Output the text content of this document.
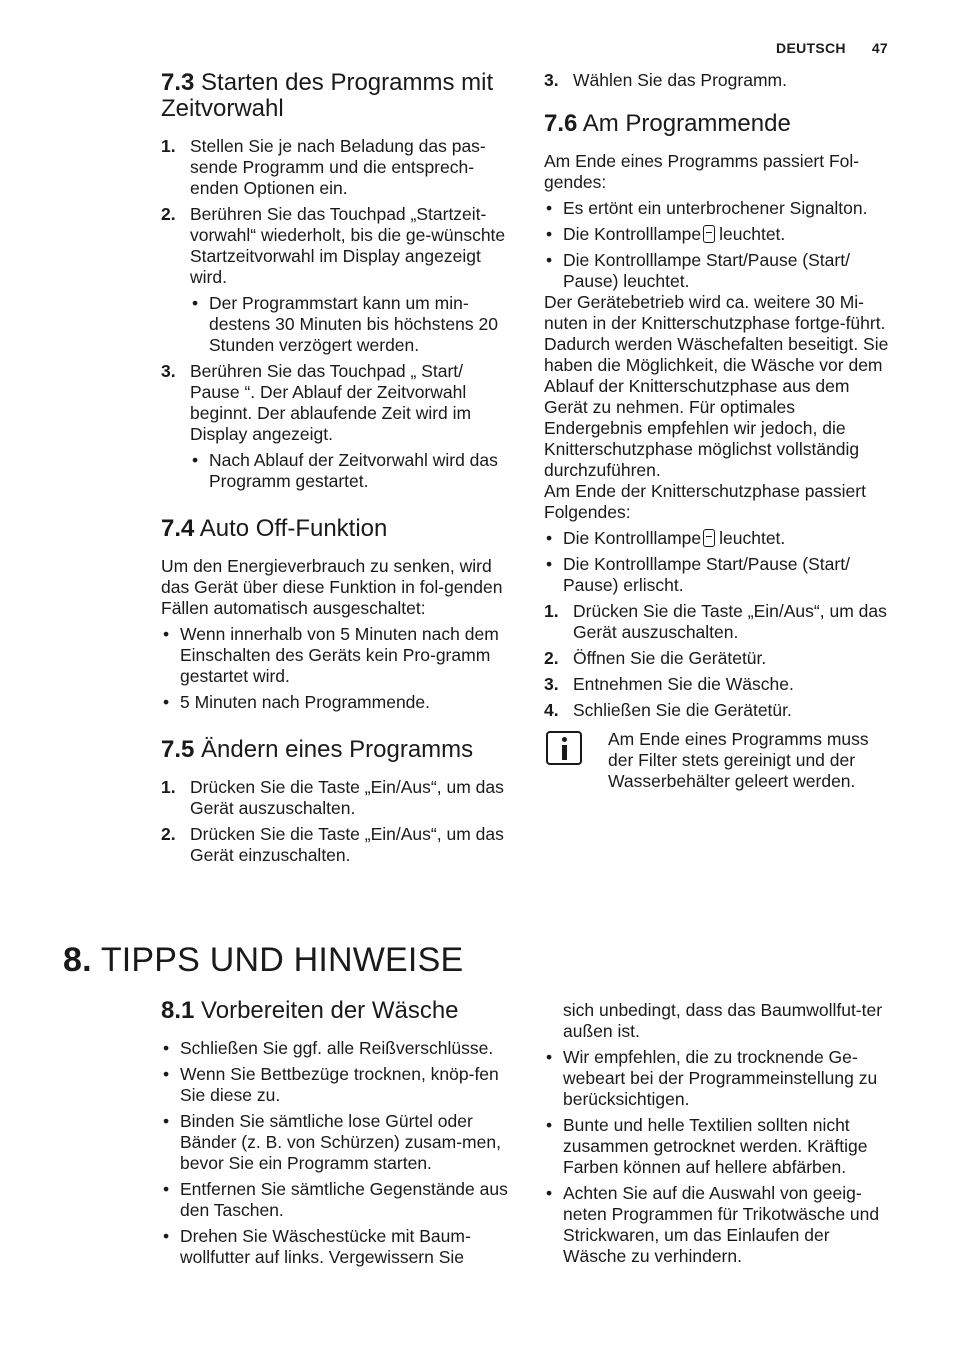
DEUTSCH 47
7.3 Starten des Programms mit Zeitvorwahl
1. Stellen Sie je nach Beladung das pas-sende Programm und die entsprech-enden Optionen ein.
2. Berühren Sie das Touchpad „Startzeit-vorwahl“ wiederholt, bis die ge-wünschte Startzeitvorwahl im Display angezeigt wird.
• Der Programmstart kann um min-destens 30 Minuten bis höchstens 20 Stunden verzögert werden.
3. Berühren Sie das Touchpad „ Start/ Pause “. Der Ablauf der Zeitvorwahl beginnt. Der ablaufende Zeit wird im Display angezeigt.
• Nach Ablauf der Zeitvorwahl wird das Programm gestartet.
7.4 Auto Off-Funktion

Um den Energieverbrauch zu senken, wird das Gerät über diese Funktion in fol-genden Fällen automatisch ausgeschaltet:

• Wenn innerhalb von 5 Minuten nach dem Einschalten des Geräts kein Pro-gramm gestartet wird.
• 5 Minuten nach Programmende.
7.5 Ändern eines Programms
1. Drücken Sie die Taste „Ein/Aus“, um das Gerät auszuschalten.
2. Drücken Sie die Taste „Ein/Aus“, um das Gerät einzuschalten.
3. Wählen Sie das Programm.
7.6 Am Programmende

Am Ende eines Programms passiert Fol-gendes:

• Es ertönt ein unterbrochener Signalton.
• Die Kontrolllampe leuchtet.
• Die Kontrolllampe Start/Pause (Start/ Pause) leuchtet.

Der Gerätebetrieb wird ca. weitere 30 Mi-nuten in der Knitterschutzphase fortge-führt.

Dadurch werden Wäschefalten beseitigt. Sie haben die Möglichkeit, die Wäsche vor dem Ablauf der Knitterschutzphase aus dem Gerät zu nehmen. Für optimales Endergebnis empfehlen wir jedoch, die Knitterschutzphase möglichst vollständig durchzuführen.

Am Ende der Knitterschutzphase passiert Folgendes:

• Die Kontrolllampe leuchtet.
• Die Kontrolllampe Start/Pause (Start/ Pause) erlischt.
1. Drücken Sie die Taste „Ein/Aus“, um das Gerät auszuschalten.
2. Öffnen Sie die Gerätetür.
3. Entnehmen Sie die Wäsche.
4. Schließen Sie die Gerätetür.

Am Ende eines Programms muss der Filter stets gereinigt und der Wasserbehälter geleert werden.

8. TIPPS UND HINWEISE
8.1 Vorbereiten der Wäsche
• Schließen Sie ggf. alle Reißverschlüsse.
• Wenn Sie Bettbezüge trocknen, knöp-fen Sie diese zu.
• Binden Sie sämtliche lose Gürtel oder Bänder (z. B. von Schürzen) zusam-men, bevor Sie ein Programm starten.
• Entfernen Sie sämtliche Gegenstände aus den Taschen.
• Drehen Sie Wäschestücke mit Baum-wollfutter auf links. Vergewissern Sie

sich unbedingt, dass das Baumwollfut-ter außen ist.

• Wir empfehlen, die zu trocknende Ge-webeart bei der Programmeinstellung zu berücksichtigen.
• Bunte und helle Textilien sollten nicht zusammen getrocknet werden. Kräftige Farben können auf hellere abfärben.
• Achten Sie auf die Auswahl von geeig-neten Programmen für Trikotwäsche und Strickwaren, um das Einlaufen der Wäsche zu verhindern.
